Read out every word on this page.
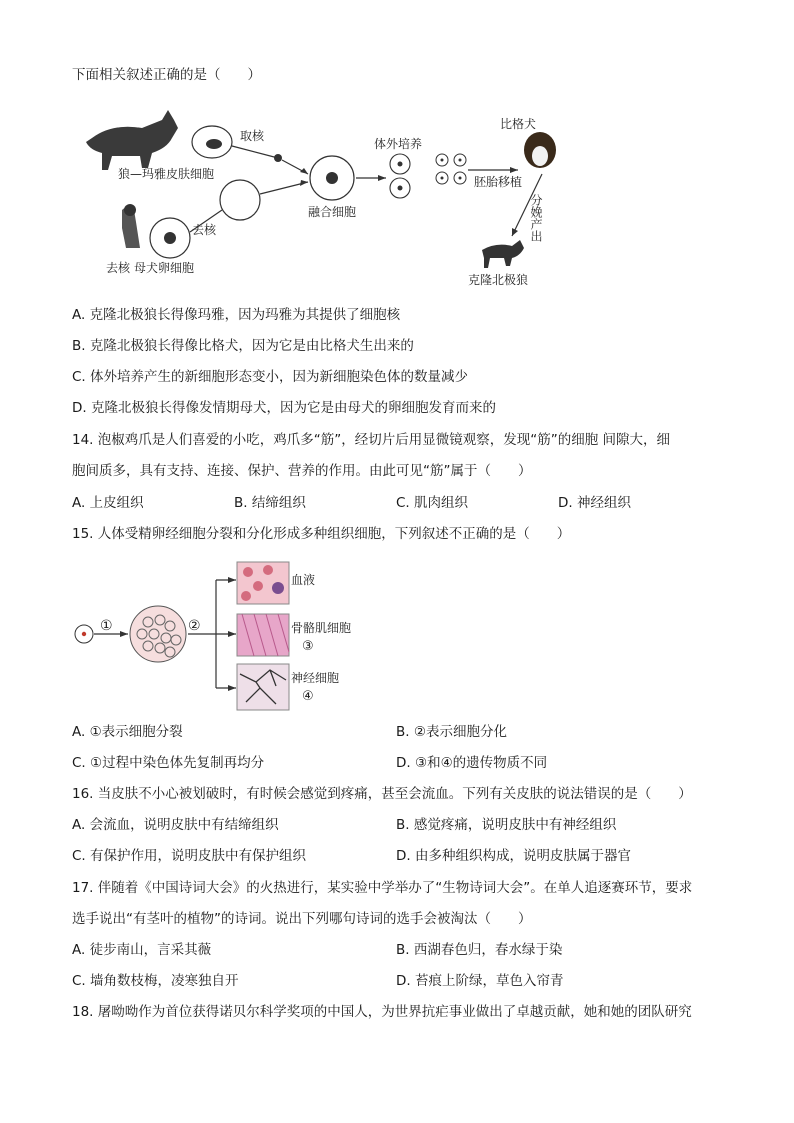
下面相关叙述正确的是（　　）
狼—玛雅皮肤细胞
取核
去核 母犬卵细胞
去核
融合细胞
体外培养
胚胎移植
比格犬
分娩产出
克隆北极狼
A. 克隆北极狼长得像玛雅，因为玛雅为其提供了细胞核
B. 克隆北极狼长得像比格犬，因为它是由比格犬生出来的
C. 体外培养产生的新细胞形态变小，因为新细胞染色体的数量减少
D. 克隆北极狼长得像发情期母犬，因为它是由母犬的卵细胞发育而来的
14. 泡椒鸡爪是人们喜爱的小吃，鸡爪多“筋”，经切片后用显微镜观察，发现“筋”的细胞 间隙大，细
胞间质多，具有支持、连接、保护、营养的作用。由此可见“筋”属于（　　）
A. 上皮组织	B. 结缔组织	C. 肌肉组织	D. 神经组织
15. 人体受精卵经细胞分裂和分化形成多种组织细胞，下列叙述不正确的是（　　）
①	②
血液
骨骼肌细胞
③
神经细胞
④
A. ①表示细胞分裂	B. ②表示细胞分化
C. ①过程中染色体先复制再均分	D. ③和④的遗传物质不同
16. 当皮肤不小心被划破时，有时候会感觉到疼痛，甚至会流血。下列有关皮肤的说法错误的是（　　）
A. 会流血，说明皮肤中有结缔组织	B. 感觉疼痛，说明皮肤中有神经组织
C. 有保护作用，说明皮肤中有保护组织	D. 由多种组织构成，说明皮肤属于器官
17. 伴随着《中国诗词大会》的火热进行，某实验中学举办了“生物诗词大会”。在单人追逐赛环节，要求
选手说出“有茎叶的植物”的诗词。说出下列哪句诗词的选手会被淘汰（　　）
A. 徒步南山，言采其薇	B. 西湖春色归，春水绿于染
C. 墙角数枝梅，凌寒独自开	D. 苔痕上阶绿，草色入帘青
18. 屠呦呦作为首位获得诺贝尔科学奖项的中国人，为世界抗疟事业做出了卓越贡献，她和她的团队研究
